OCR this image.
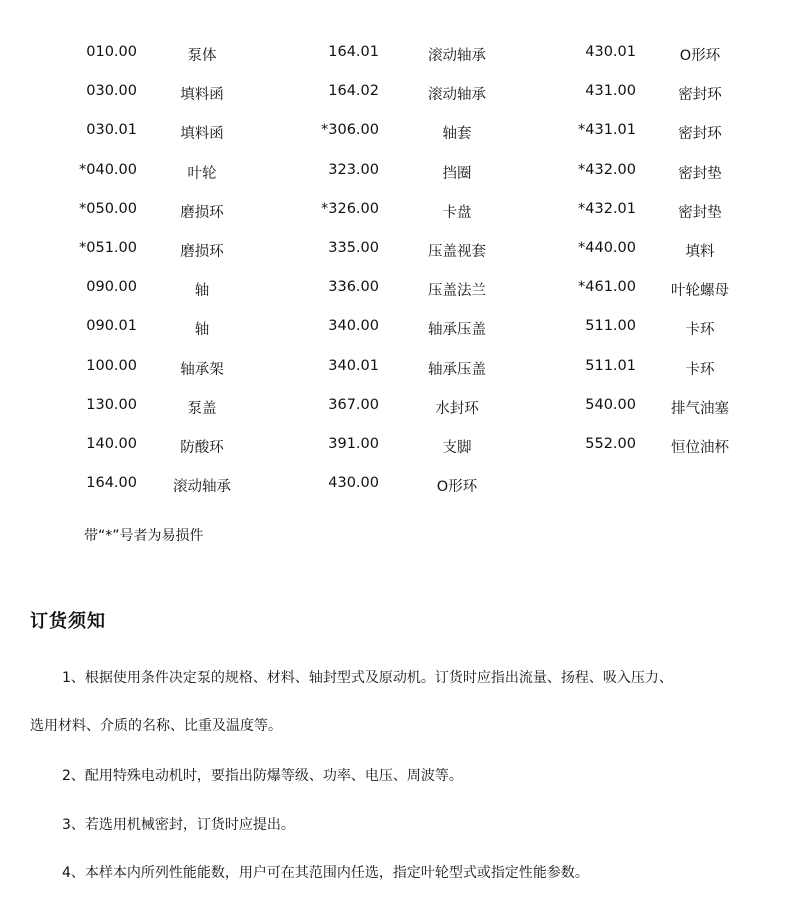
010.00	泵体	164.01	滚动轴承	430.01	O形环
030.00	填料函	164.02	滚动轴承	431.00	密封环
030.01	填料函	*306.00	轴套	*431.01	密封环
*040.00	叶轮	323.00	挡圈	*432.00	密封垫
*050.00	磨损环	*326.00	卡盘	*432.01	密封垫
*051.00	磨损环	335.00	压盖视套	*440.00	填料
090.00	轴	336.00	压盖法兰	*461.00 叶轮螺母
090.01	轴	340.00	轴承压盖	511.00	卡环
100.00	轴承架	340.01	轴承压盖	511.01	卡环
130.00	泵盖	367.00	水封环	540.00 排气油塞
140.00	防酸环	391.00	支脚	552.00 恒位油杯
164.00 滚动轴承	430.00	O形环
带“*”号者为易损件
订货须知
1、根据使用条件决定泵的规格、材料、轴封型式及原动机。订货时应指出流量、扬程、吸入压力、
选用材料、介质的名称、比重及温度等。
2、配用特殊电动机时，要指出防爆等级、功率、电压、周波等。
3、若选用机械密封，订货时应提出。
4、本样本内所列性能能数，用户可在其范围内任选，指定叶轮型式或指定性能参数。
